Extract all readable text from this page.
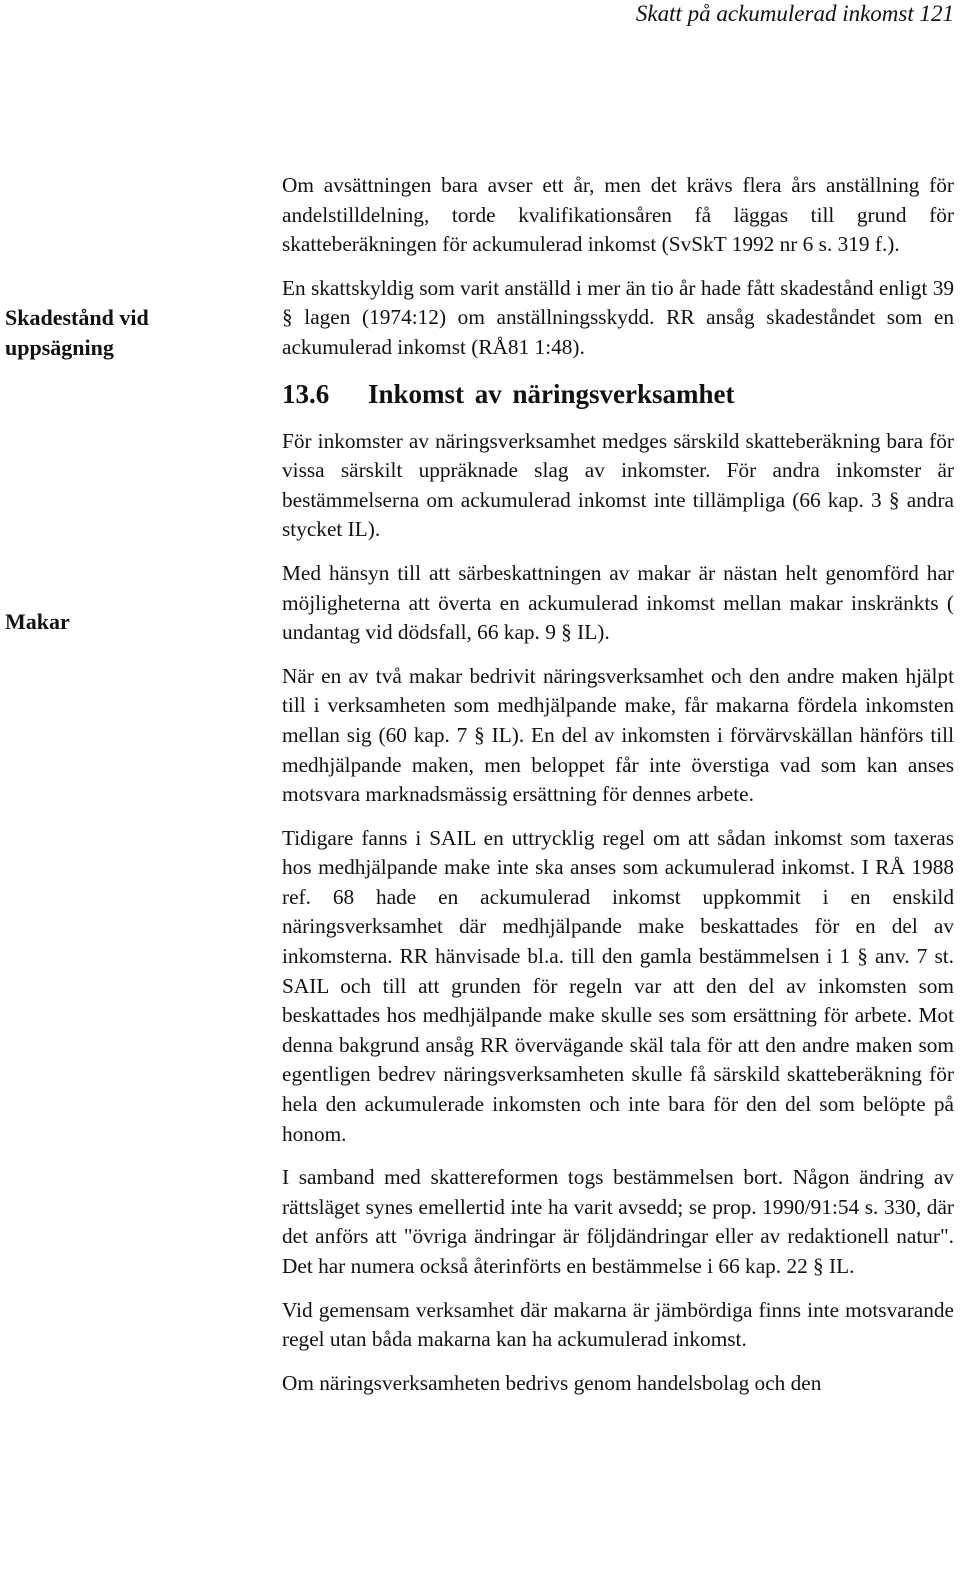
Skatt på ackumulerad inkomst 121
Skadestånd vid uppsägning
Makar

Om avsättningen bara avser ett år, men det krävs flera års anställning för andelstilldelning, torde kvalifikationsåren få läggas till grund för skatteberäkningen för ackumulerad inkomst (SvSkT 1992 nr 6 s. 319 f.).

En skattskyldig som varit anställd i mer än tio år hade fått skadestånd enligt 39 § lagen (1974:12) om anställningsskydd. RR ansåg skadeståndet som en ackumulerad inkomst (RÅ81 1:48).

13.6 Inkomst av näringsverksamhet

För inkomster av näringsverksamhet medges särskild skatteberäkning bara för vissa särskilt uppräknade slag av inkomster. För andra inkomster är bestämmelserna om ackumulerad inkomst inte tillämpliga (66 kap. 3 § andra stycket IL).

Med hänsyn till att särbeskattningen av makar är nästan helt genomförd har möjligheterna att överta en ackumulerad inkomst mellan makar inskränkts ( undantag vid dödsfall, 66 kap. 9 § IL).

När en av två makar bedrivit näringsverksamhet och den andre maken hjälpt till i verksamheten som medhjälpande make, får makarna fördela inkomsten mellan sig (60 kap. 7 § IL). En del av inkomsten i förvärvskällan hänförs till medhjälpande maken, men beloppet får inte överstiga vad som kan anses motsvara marknadsmässig ersättning för dennes arbete.

Tidigare fanns i SAIL en uttrycklig regel om att sådan inkomst som taxeras hos medhjälpande make inte ska anses som ackumulerad inkomst. I RÅ 1988 ref. 68 hade en ackumulerad inkomst uppkommit i en enskild näringsverksamhet där medhjälpande make beskattades för en del av inkomsterna. RR hänvisade bl.a. till den gamla bestämmelsen i 1 § anv. 7 st. SAIL och till att grunden för regeln var att den del av inkomsten som beskattades hos medhjälpande make skulle ses som ersättning för arbete. Mot denna bakgrund ansåg RR övervägande skäl tala för att den andre maken som egentligen bedrev näringsverksamheten skulle få särskild skatteberäkning för hela den ackumulerade inkomsten och inte bara för den del som belöpte på honom.

I samband med skattereformen togs bestämmelsen bort. Någon ändring av rättsläget synes emellertid inte ha varit avsedd; se prop. 1990/91:54 s. 330, där det anförs att "övriga ändringar är följdändringar eller av redaktionell natur". Det har numera också återinförts en bestämmelse i 66 kap. 22 § IL.

Vid gemensam verksamhet där makarna är jämbördiga finns inte motsvarande regel utan båda makarna kan ha ackumulerad inkomst.

Om näringsverksamheten bedrivs genom handelsbolag och den
